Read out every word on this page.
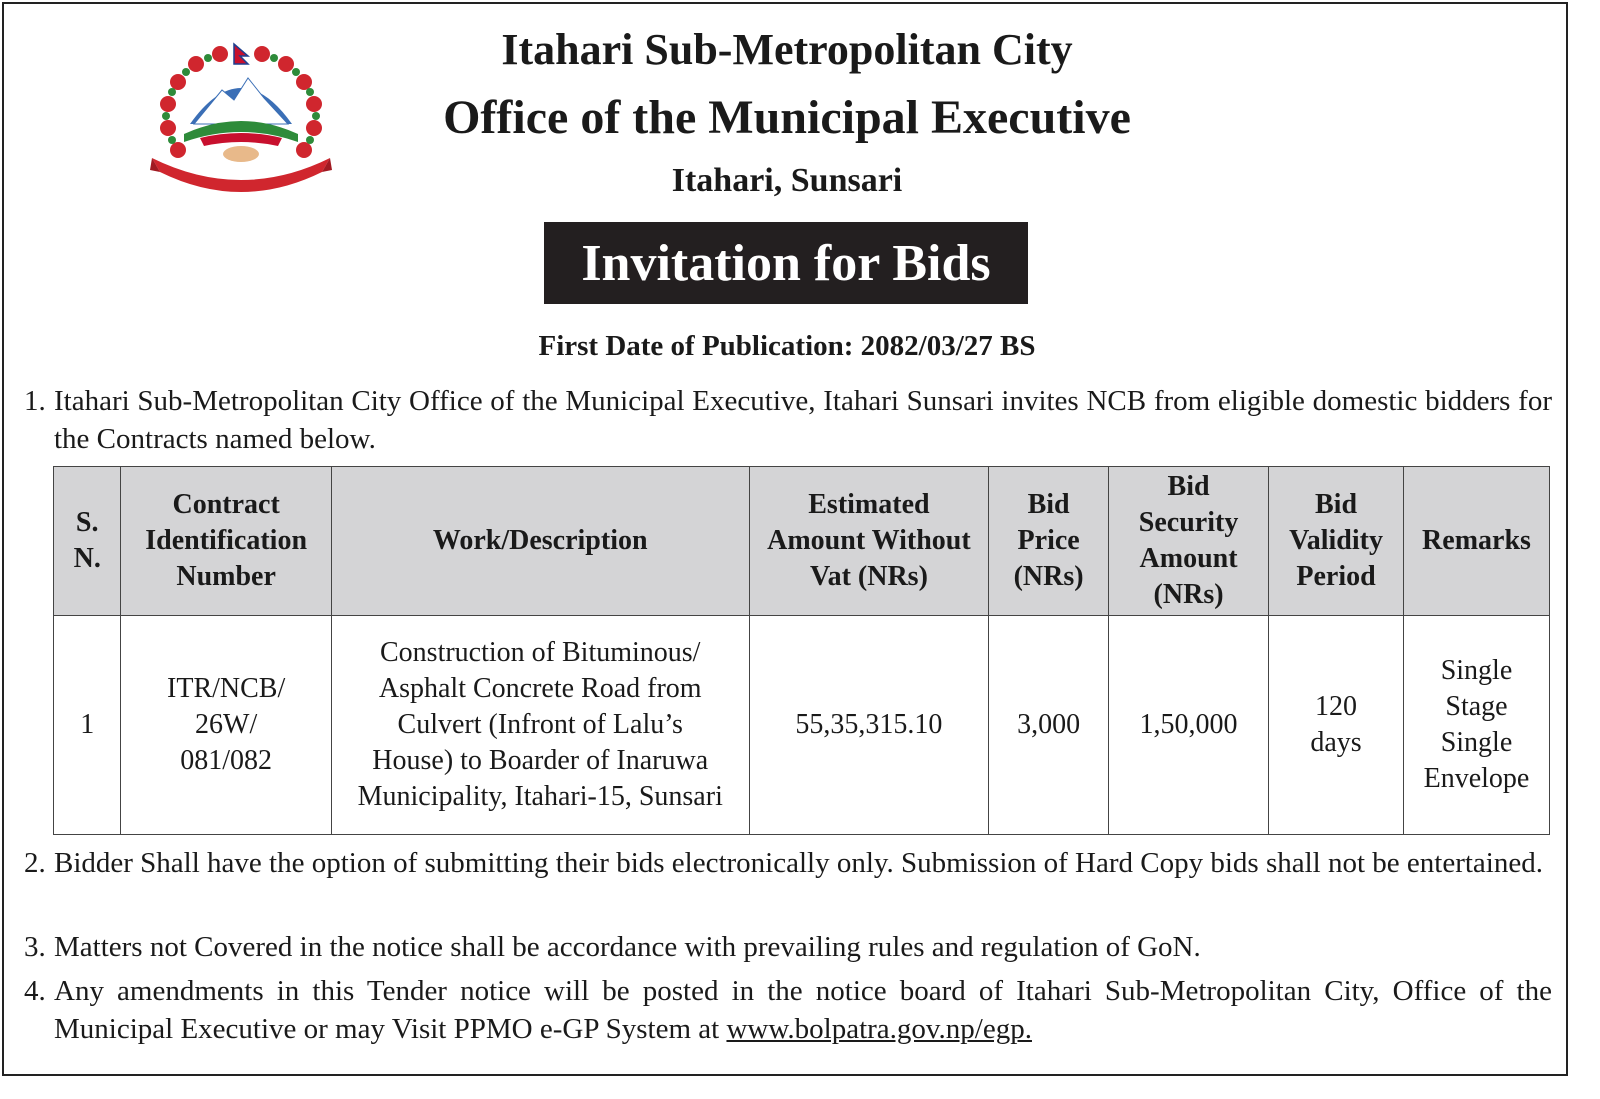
Itahari Sub-Metropolitan City
Office of the Municipal Executive
Itahari, Sunsari
Invitation for Bids
First Date of Publication: 2082/03/27 BS
1. Itahari Sub-Metropolitan City Office of the Municipal Executive, Itahari Sunsari invites NCB from eligible domestic bidders for the Contracts named below.
S.
N.	Contract
Identification
Number	Work/Description	Estimated
Amount Without
Vat (NRs)	Bid
Price
(NRs)	Bid
Security
Amount
(NRs)	Bid
Validity
Period	Remarks

1	ITR/NCB/
26W/
081/082	Construction of Bituminous/
Asphalt Concrete Road from
Culvert (Infront of Lalu’s
House) to Boarder of Inaruwa
Municipality, Itahari-15, Sunsari	55,35,315.10	3,000	1,50,000	120
days	Single
Stage
Single
Envelope
2. Bidder Shall have the option of submitting their bids electronically only. Submission of Hard Copy bids shall not be entertained.
3. Matters not Covered in the notice shall be accordance with prevailing rules and regulation of GoN.
4. Any amendments in this Tender notice will be posted in the notice board of Itahari Sub-Metropolitan City, Office of the Municipal Executive or may Visit PPMO e-GP System at www.bolpatra.gov.np/egp.
